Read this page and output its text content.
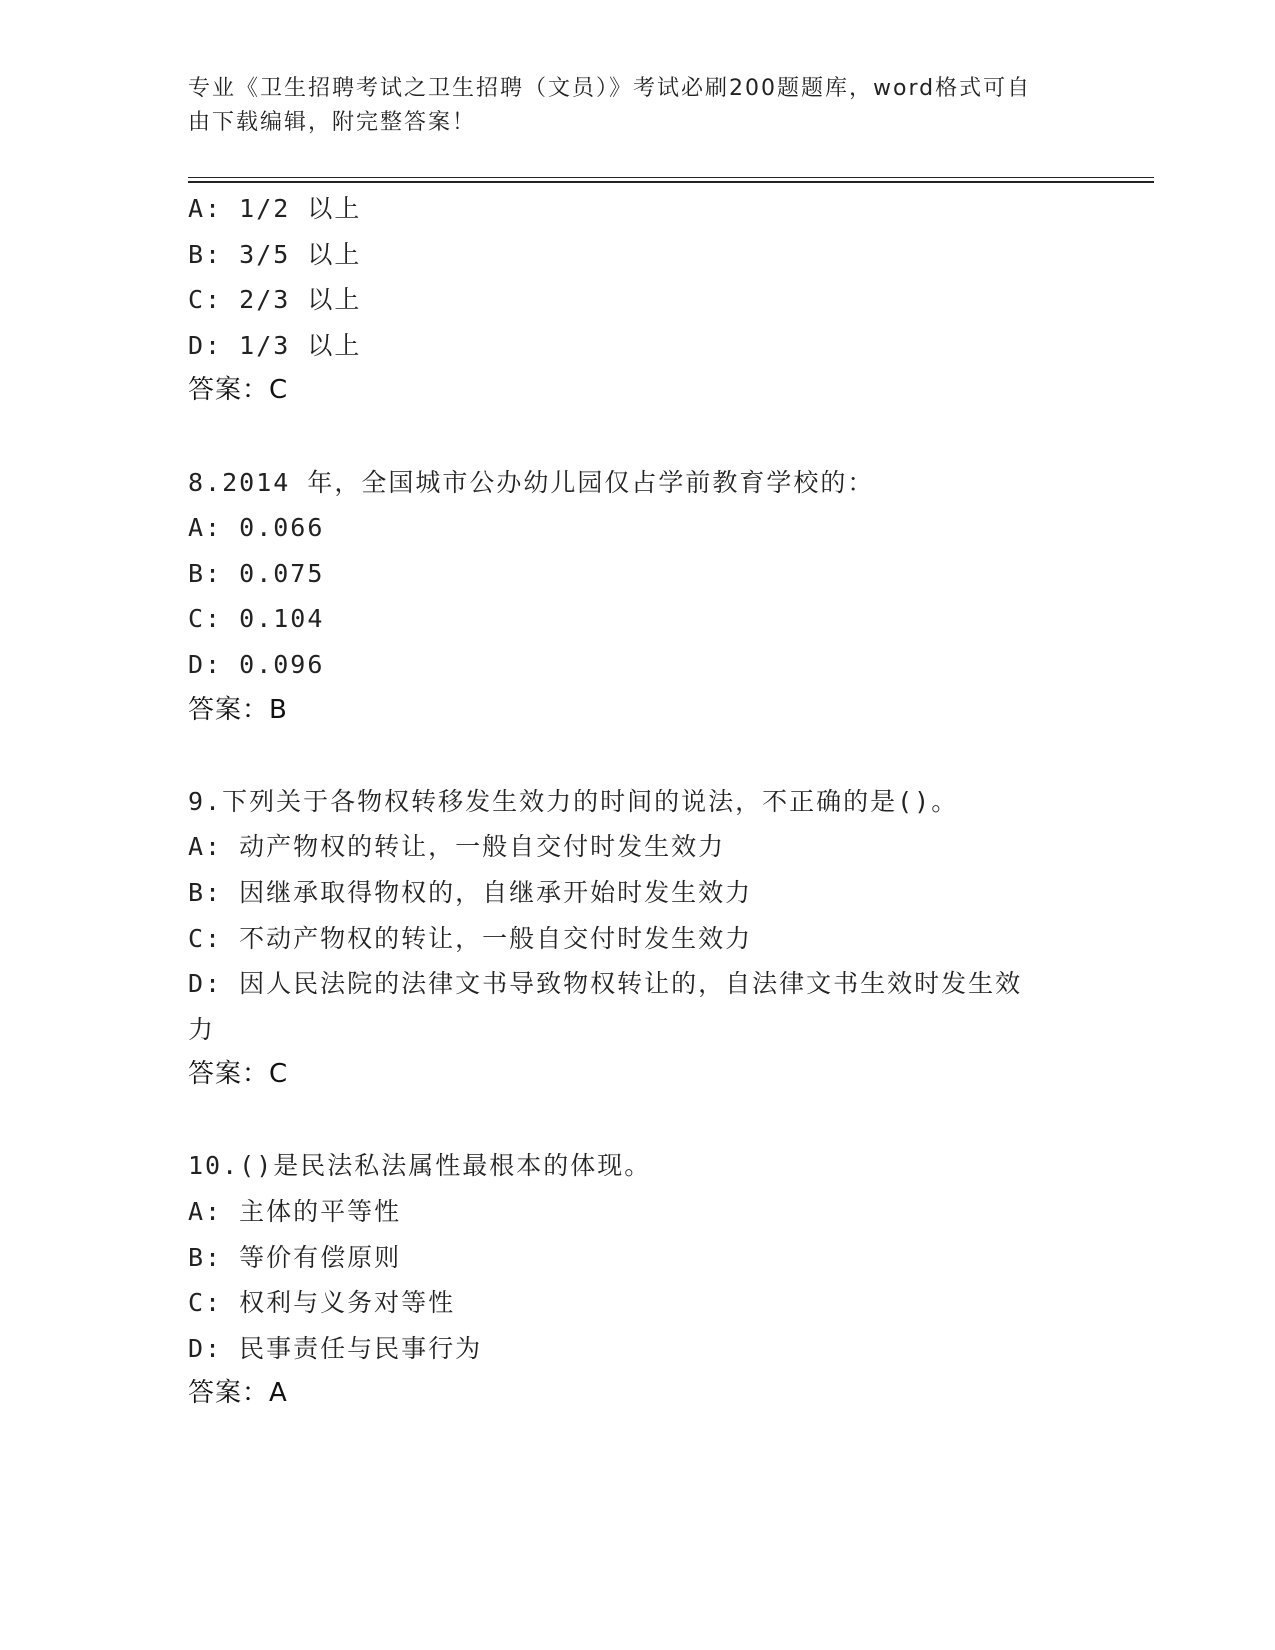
专业《卫生招聘考试之卫生招聘（文员）》考试必刷200题题库，word格式可自
由下载编辑，附完整答案！
A: 1/2 以上
B: 3/5 以上
C: 2/3 以上
D: 1/3 以上
答案：C
8.2014 年，全国城市公办幼儿园仅占学前教育学校的：
A: 0.066
B: 0.075
C: 0.104
D: 0.096
答案：B
9.下列关于各物权转移发生效力的时间的说法，不正确的是()。
A: 动产物权的转让，一般自交付时发生效力
B: 因继承取得物权的，自继承开始时发生效力
C: 不动产物权的转让，一般自交付时发生效力
D: 因人民法院的法律文书导致物权转让的，自法律文书生效时发生效
力
答案：C
10.()是民法私法属性最根本的体现。
A: 主体的平等性
B: 等价有偿原则
C: 权利与义务对等性
D: 民事责任与民事行为
答案：A
